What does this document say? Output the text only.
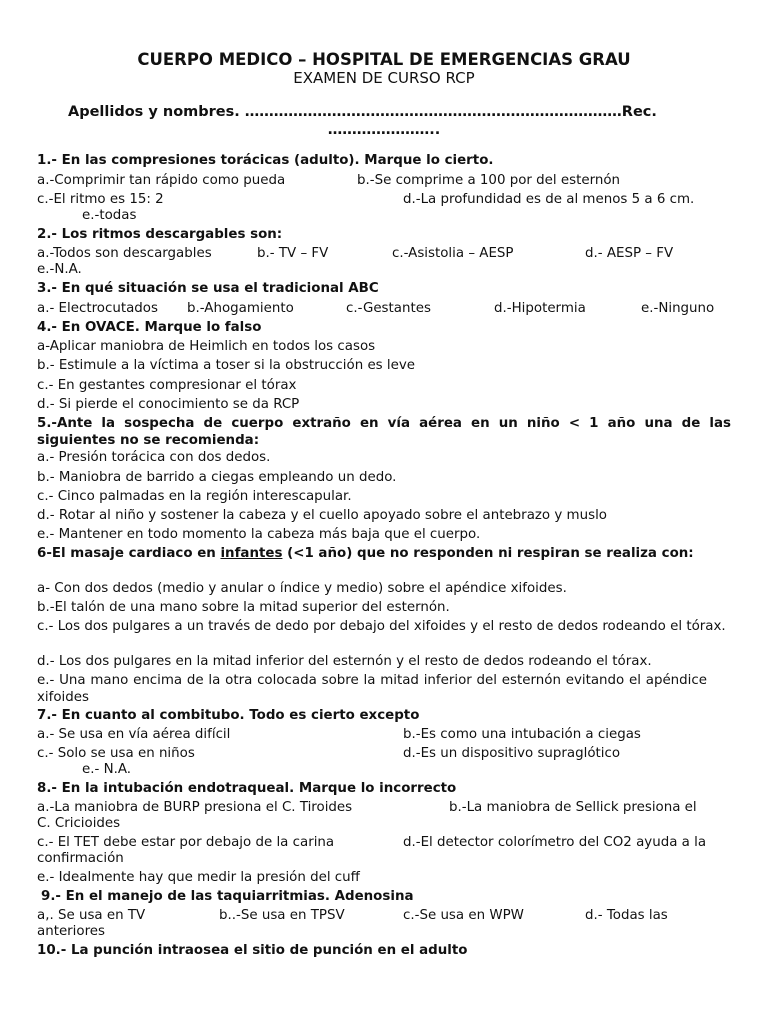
CUERPO MEDICO – HOSPITAL DE EMERGENCIAS GRAU
EXAMEN DE CURSO RCP
Apellidos y nombres. ……………………………………………………………………Rec.
…………………..
1.- En las compresiones torácicas (adulto). Marque lo cierto.
a.-Comprimir tan rápido como pueda	b.-Se comprime a 100 por del esternón
c.-El ritmo es 15: 2	d.-La profundidad es de al menos 5 a 6 cm.
e.-todas
2.- Los ritmos descargables son:
a.-Todos son descargables	b.- TV – FV	c.-Asistolia – AESP	d.- AESP – FV
e.-N.A.
3.- En qué situación se usa el tradicional ABC
a.- Electrocutados b.-Ahogamiento	c.-Gestantes	d.-Hipotermia	e.-Ninguno
4.- En OVACE. Marque lo falso
a-Aplicar maniobra de Heimlich en todos los casos
b.- Estimule a la víctima a toser si la obstrucción es leve
c.- En gestantes compresionar el tórax
d.- Si pierde el conocimiento se da RCP
5.-Ante la sospecha de cuerpo extraño en vía aérea en un niño < 1 año una de las siguientes no se recomienda:
a.- Presión torácica con dos dedos.
b.- Maniobra de barrido a ciegas empleando un dedo.
c.- Cinco palmadas en la región interescapular.
d.- Rotar al niño y sostener la cabeza y el cuello apoyado sobre el antebrazo y muslo
e.- Mantener en todo momento la cabeza más baja que el cuerpo.
6-El masaje cardiaco en infantes (<1 año) que no responden ni respiran se realiza con:
a- Con dos dedos (medio y anular o índice y medio) sobre el apéndice xifoides.
b.-El talón de una mano sobre la mitad superior del esternón.
c.- Los dos pulgares a un través de dedo por debajo del xifoides y el resto de dedos rodeando el tórax.
d.- Los dos pulgares en la mitad inferior del esternón y el resto de dedos rodeando el tórax.
e.- Una mano encima de la otra colocada sobre la mitad inferior del esternón evitando el apéndice xifoides
7.- En cuanto al combitubo. Todo es cierto excepto
a.- Se usa en vía aérea difícil	b.-Es como una intubación a ciegas
c.- Solo se usa en niños	d.-Es un dispositivo supraglótico
e.- N.A.
8.- En la intubación endotraqueal. Marque lo incorrecto
a.-La maniobra de BURP presiona el C. Tiroides	b.-La maniobra de Sellick presiona el
C. Cricioides
c.- El TET debe estar por debajo de la carina	d.-El detector colorímetro del CO2 ayuda a la
confirmación
e.- Idealmente hay que medir la presión del cuff
9.- En el manejo de las taquiarritmias. Adenosina
a,. Se usa en TV	b..-Se usa en TPSV	c.-Se usa en WPW	d.- Todas las
anteriores
10.- La punción intraosea el sitio de punción en el adulto
